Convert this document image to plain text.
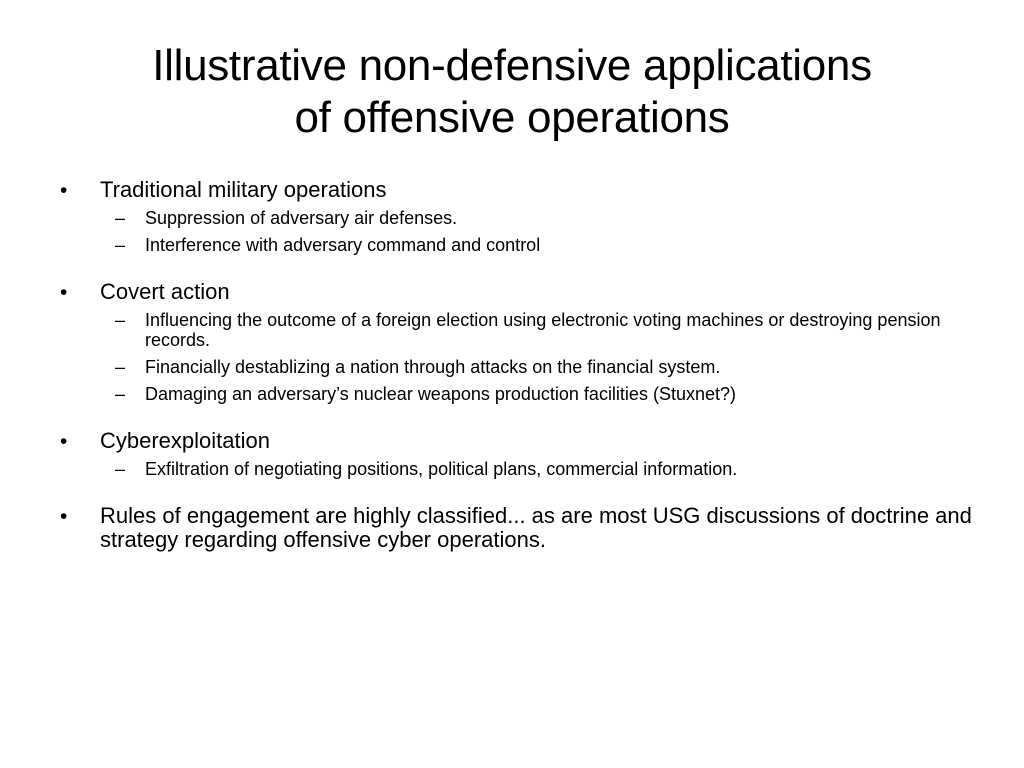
Illustrative non-defensive applications
of offensive operations
• Traditional military operations
– Suppression of adversary air defenses.
– Interference with adversary command and control
• Covert action
– Influencing the outcome of a foreign election using electronic voting machines or destroying pension records.
– Financially destablizing a nation through attacks on the financial system.
– Damaging an adversary’s nuclear weapons production facilities (Stuxnet?)
• Cyberexploitation
– Exfiltration of negotiating positions, political plans, commercial information.
• Rules of engagement are highly classified... as are most USG discussions of doctrine and strategy regarding offensive cyber operations.
